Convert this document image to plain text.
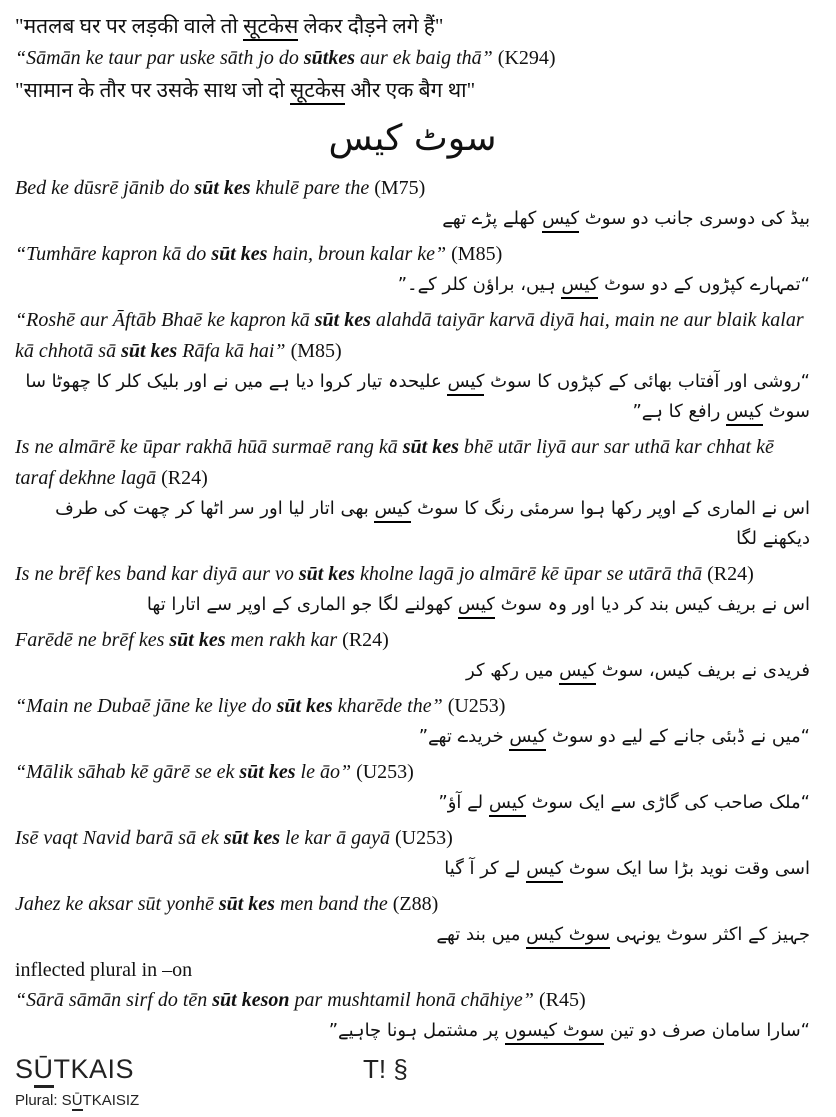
"मतलब घर पर लड़की वाले तो सूटकेस लेकर दौड़ने लगे हैं"

“Sāmān ke taur par uske sāth jo do sūtkes aur ek baig thā” (K294)

"सामान के तौर पर उसके साथ जो दो सूटकेस और एक बैग था"

سوٹ کیس

Bed ke dūsrē jānib do sūt kes khulē pare the (M75)

بیڈ کی دوسری جانب دو سوٹ کیس کھلے پڑے تھے

“Tumhāre kapron kā do sūt kes hain, broun kalar ke” (M85)

“تمہارے کپڑوں کے دو سوٹ کیس ہیں، براؤن کلر کے۔”

“Roshē aur Āftāb Bhaē ke kapron kā sūt kes alahdā taiyār karvā diyā hai, main ne aur blaik kalar kā chhotā sā sūt kes Rāfa kā hai” (M85)

“روشی اور آفتاب بھائی کے کپڑوں کا سوٹ کیس علیحدہ تیار کروا دیا ہے میں نے اور بلیک کلر کا چھوٹا سا سوٹ کیس رافع کا ہے”

Is ne almārē ke ūpar rakhā hūā surmaē rang kā sūt kes bhē utār liyā aur sar uthā kar chhat kē taraf dekhne lagā (R24)

اس نے الماری کے اوپر رکھا ہوا سرمئی رنگ کا سوٹ کیس بھی اتار لیا اور سر اٹھا کر چھت کی طرف دیکھنے لگا

Is ne brēf kes band kar diyā aur vo sūt kes kholne lagā jo almārē kē ūpar se utārā thā (R24)

اس نے بریف کیس بند کر دیا اور وہ سوٹ کیس کھولنے لگا جو الماری کے اوپر سے اتارا تھا

Farēdē ne brēf kes sūt kes men rakh kar (R24)

فریدی نے بریف کیس، سوٹ کیس میں رکھ کر

“Main ne Dubaē jāne ke liye do sūt kes kharēde the” (U253)

“میں نے ڈبئی جانے کے لیے دو سوٹ کیس خریدے تھے”

“Mālik sāhab kē gārē se ek sūt kes le āo” (U253)

“ملک صاحب کی گاڑی سے ایک سوٹ کیس لے آؤ”

Isē vaqt Navid barā sā ek sūt kes le kar ā gayā (U253)

اسی وقت نوید بڑا سا ایک سوٹ کیس لے کر آ گیا

Jahez ke aksar sūt yonhē sūt kes men band the (Z88)

جہیز کے اکثر سوٹ یونہی سوٹ کیس میں بند تھے

inflected plural in –on

“Sārā sāmān sirf do tēn sūt keson par mushtamil honā chāhiye” (R45)

“سارا سامان صرف دو تین سوٹ کیسوں پر مشتمل ہونا چاہیے”

SŪTKAIS	T! §
Plural: SŪTKAISIZ
